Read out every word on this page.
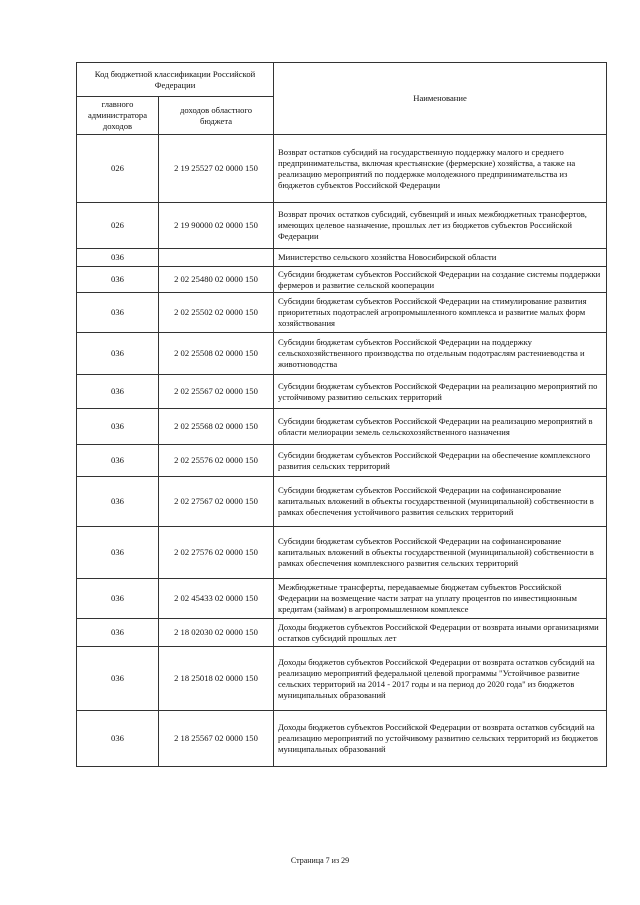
Код бюджетной классификации Российской Федерации		Наименование
главного администратора доходов	доходов областного бюджета	
026	2 19 25527 02 0000 150	Возврат остатков субсидий на государственную поддержку малого и среднего предпринимательства, включая крестьянские (фермерские) хозяйства, а также на реализацию мероприятий по поддержке молодежного предпринимательства из бюджетов субъектов Российской Федерации
026	2 19 90000 02 0000 150	Возврат прочих остатков субсидий, субвенций и иных межбюджетных трансфертов, имеющих целевое назначение, прошлых лет из бюджетов субъектов Российской Федерации
036		Министерство сельского хозяйства Новосибирской области
036	2 02 25480 02 0000 150	Субсидии бюджетам субъектов Российской Федерации на создание системы поддержки фермеров и развитие сельской кооперации
036	2 02 25502 02 0000 150	Субсидии бюджетам субъектов Российской Федерации на стимулирование развития приоритетных подотраслей агропромышленного комплекса и развитие малых форм хозяйствования
036	2 02 25508 02 0000 150	Субсидии бюджетам субъектов Российской Федерации на поддержку сельскохозяйственного производства по отдельным подотраслям растениеводства и животноводства
036	2 02 25567 02 0000 150	Субсидии бюджетам субъектов Российской Федерации на реализацию мероприятий по устойчивому развитию сельских территорий
036	2 02 25568 02 0000 150	Субсидии бюджетам субъектов Российской Федерации на реализацию мероприятий в области мелиорации земель сельскохозяйственного назначения
036	2 02 25576 02 0000 150	Субсидии бюджетам субъектов Российской Федерации на обеспечение комплексного развития сельских территорий
036	2 02 27567 02 0000 150	Субсидии бюджетам субъектов Российской Федерации на софинансирование капитальных вложений в объекты государственной (муниципальной) собственности в рамках обеспечения устойчивого развития сельских территорий
036	2 02 27576 02 0000 150	Субсидии бюджетам субъектов Российской Федерации на софинансирование капитальных вложений в объекты государственной (муниципальной) собственности в рамках обеспечения комплексного развития сельских территорий
036	2 02 45433 02 0000 150	Межбюджетные трансферты, передаваемые бюджетам субъектов Российской Федерации на возмещение части затрат на уплату процентов по инвестиционным кредитам (займам) в агропромышленном комплексе
036	2 18 02030 02 0000 150	Доходы бюджетов субъектов Российской Федерации от возврата иными организациями остатков субсидий прошлых лет
036	2 18 25018 02 0000 150	Доходы бюджетов субъектов Российской Федерации от возврата остатков субсидий на реализацию мероприятий федеральной целевой программы "Устойчивое развитие сельских территорий на 2014 - 2017 годы и на период до 2020 года" из бюджетов муниципальных образований
036	2 18 25567 02 0000 150	Доходы бюджетов субъектов Российской Федерации от возврата остатков субсидий на реализацию мероприятий по устойчивому развитию сельских территорий из бюджетов муниципальных образований
Страница 7 из 29
